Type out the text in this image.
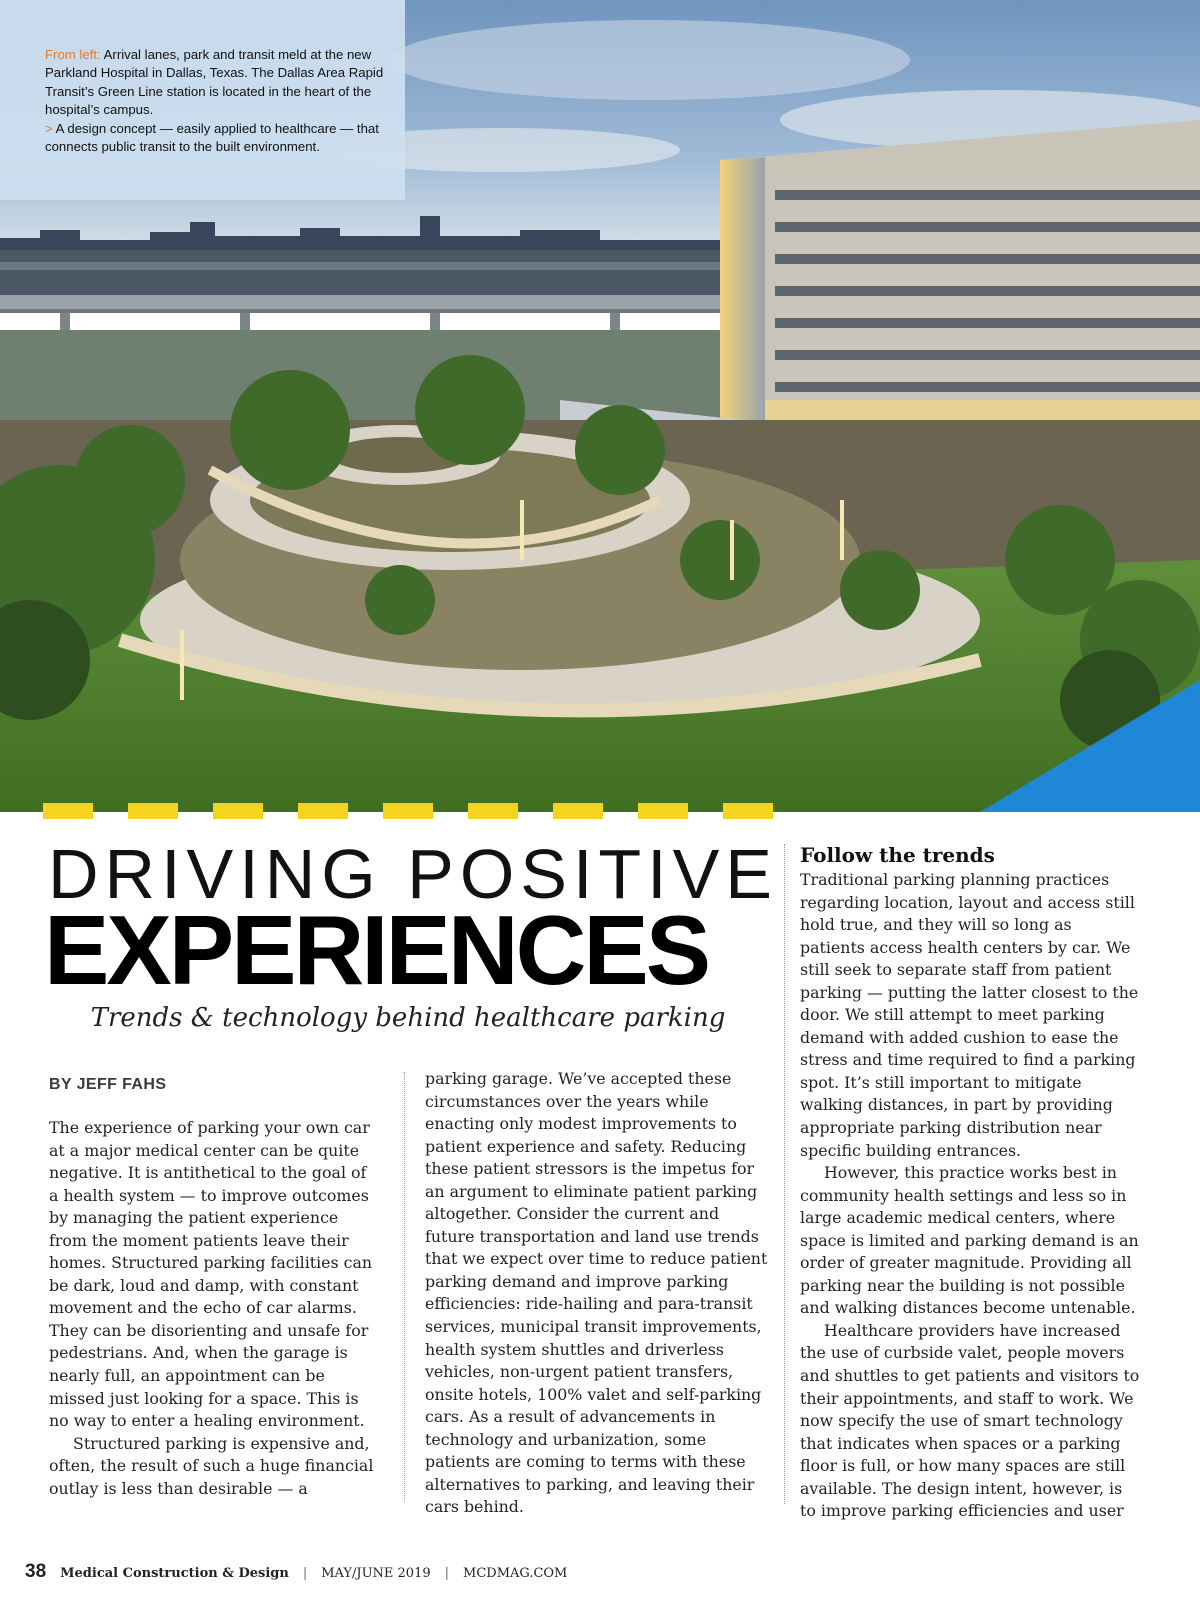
From left: Arrival lanes, park and transit meld at the new Parkland Hospital in Dallas, Texas. The Dallas Area Rapid Transit’s Green Line station is located in the heart of the hospital’s campus.

> A design concept — easily applied to healthcare — that connects public transit to the built environment.

DRIVING POSITIVE
EXPERIENCES
Trends & technology behind healthcare parking
BY JEFF FAHS

The experience of parking your own car at a major medical center can be quite negative. It is antithetical to the goal of a health system — to improve outcomes by managing the patient experience from the moment patients leave their homes. Structured parking facilities can be dark, loud and damp, with constant movement and the echo of car alarms. They can be disorienting and unsafe for pedestrians. And, when the garage is nearly full, an appointment can be missed just looking for a space. This is no way to enter a healing environment.

Structured parking is expensive and, often, the result of such a huge financial outlay is less than desirable — a

parking garage. We’ve accepted these circumstances over the years while enacting only modest improvements to patient experience and safety. Reducing these patient stressors is the impetus for an argument to eliminate patient parking altogether. Consider the current and future transportation and land use trends that we expect over time to reduce patient parking demand and improve parking efficiencies: ride-hailing and para-transit services, municipal transit improvements, health system shuttles and driverless vehicles, non-urgent patient transfers, onsite hotels, 100% valet and self-parking cars. As a result of advancements in technology and urbanization, some patients are coming to terms with these alternatives to parking, and leaving their cars behind.

Follow the trends

Traditional parking planning practices regarding location, layout and access still hold true, and they will so long as patients access health centers by car. We still seek to separate staff from patient parking — putting the latter closest to the door. We still attempt to meet parking demand with added cushion to ease the stress and time required to find a parking spot. It’s still important to mitigate walking distances, in part by providing appropriate parking distribution near specific building entrances.

However, this practice works best in community health settings and less so in large academic medical centers, where space is limited and parking demand is an order of greater magnitude. Providing all parking near the building is not possible and walking distances become untenable.

Healthcare providers have increased the use of curbside valet, people movers and shuttles to get patients and visitors to their appointments, and staff to work. We now specify the use of smart technology that indicates when spaces or a parking floor is full, or how many spaces are still available. The design intent, however, is to improve parking efficiencies and user

38 Medical Construction & Design | MAY/JUNE 2019 | MCDMAG.COM
